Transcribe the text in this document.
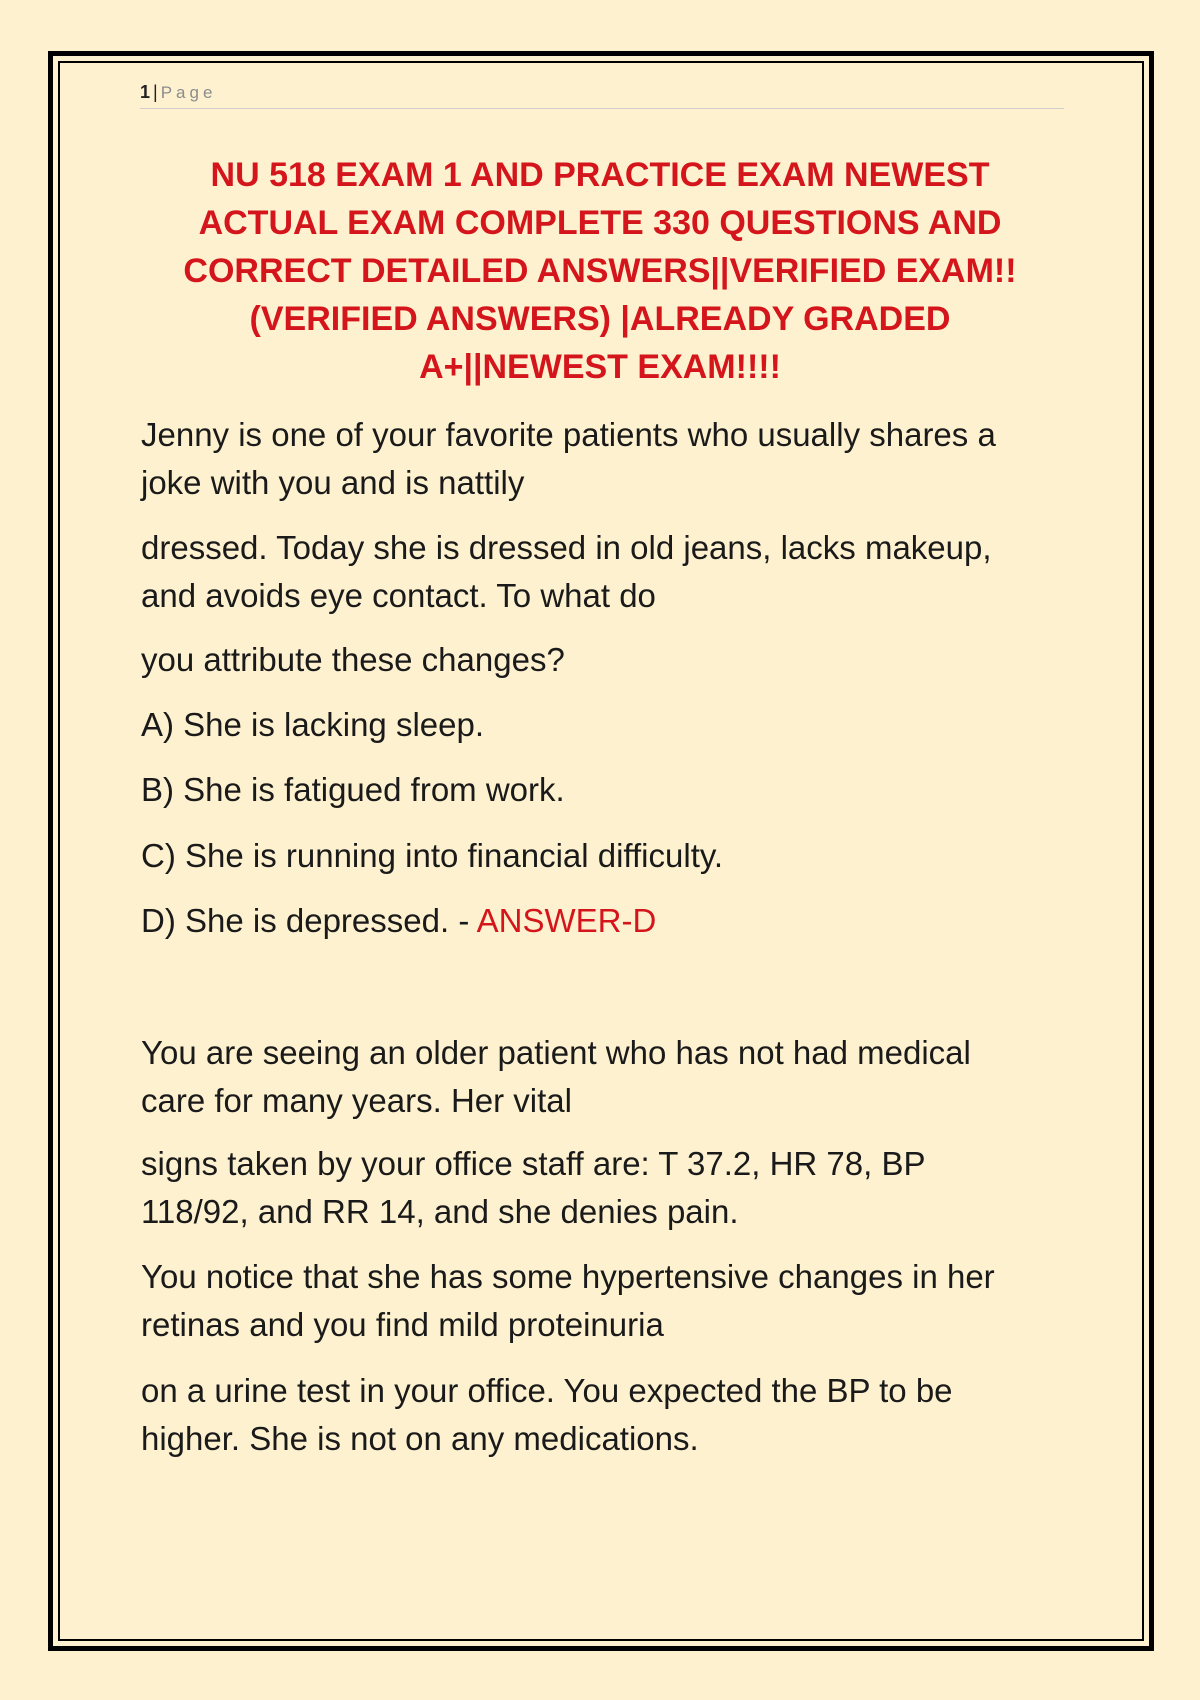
1 | Page
NU 518 EXAM 1 AND PRACTICE EXAM NEWEST
ACTUAL EXAM COMPLETE 330 QUESTIONS AND
CORRECT DETAILED ANSWERS||VERIFIED EXAM!!
(VERIFIED ANSWERS) |ALREADY GRADED
A+||NEWEST EXAM!!!!

Jenny is one of your favorite patients who usually shares a
joke with you and is nattily

dressed. Today she is dressed in old jeans, lacks makeup,
and avoids eye contact. To what do

you attribute these changes?

A) She is lacking sleep.

B) She is fatigued from work.

C) She is running into financial difficulty.

D) She is depressed. - ANSWER-D

You are seeing an older patient who has not had medical
care for many years. Her vital

signs taken by your office staff are: T 37.2, HR 78, BP
118/92, and RR 14, and she denies pain.

You notice that she has some hypertensive changes in her
retinas and you find mild proteinuria

on a urine test in your office. You expected the BP to be
higher. She is not on any medications.
